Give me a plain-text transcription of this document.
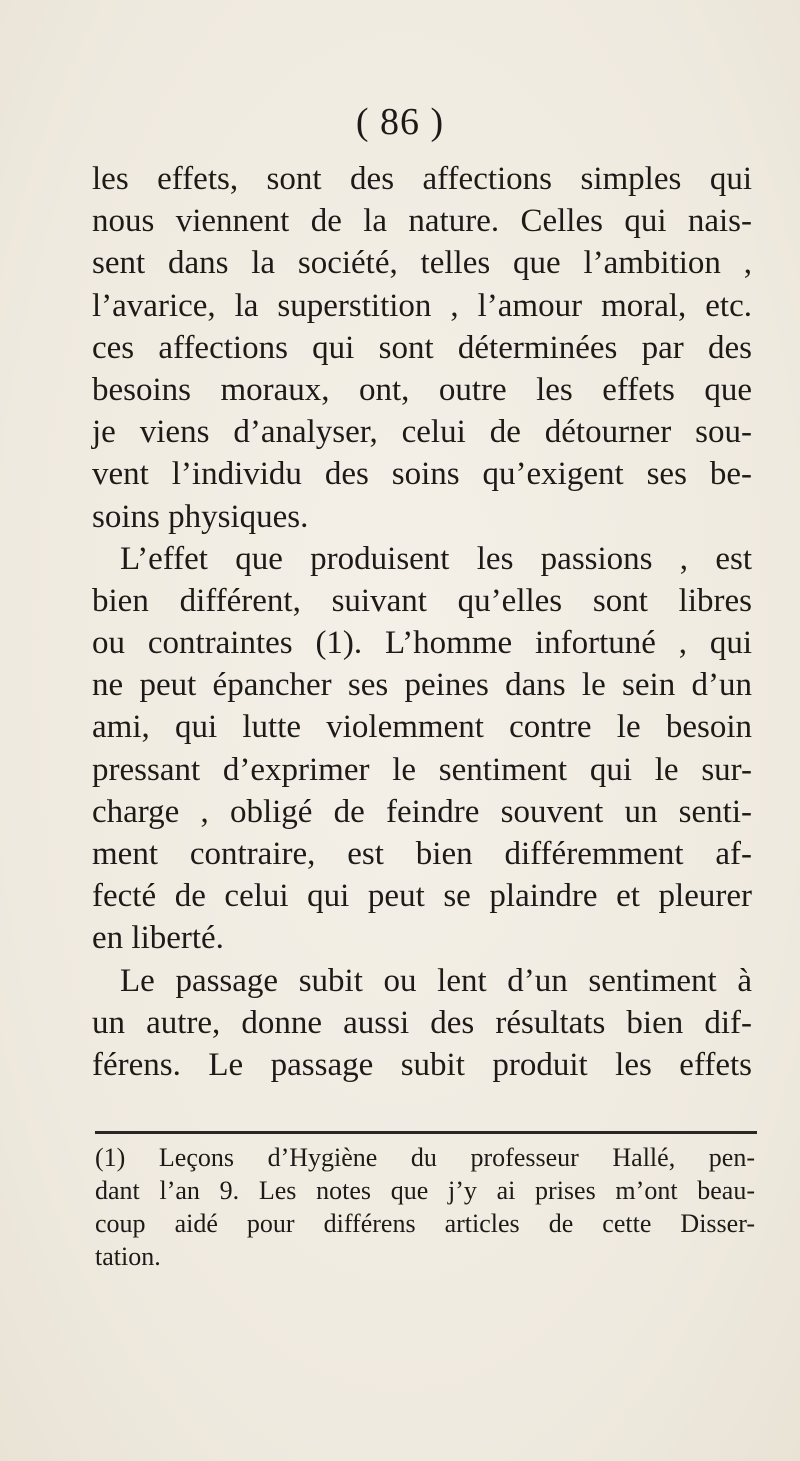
( 86 )
les effets, sont des affections simples qui
nous viennent de la nature. Celles qui nais-
sent dans la société, telles que l’ambition ,
l’avarice, la superstition , l’amour moral, etc.
ces affections qui sont déterminées par des
besoins moraux, ont, outre les effets que
je viens d’analyser, celui de détourner sou-
vent l’individu des soins qu’exigent ses be-
soins physiques.
L’effet que produisent les passions , est
bien différent, suivant qu’elles sont libres
ou contraintes (1). L’homme infortuné , qui
ne peut épancher ses peines dans le sein d’un
ami, qui lutte violemment contre le besoin
pressant d’exprimer le sentiment qui le sur-
charge , obligé de feindre souvent un senti-
ment contraire, est bien différemment af-
fecté de celui qui peut se plaindre et pleurer
en liberté.
Le passage subit ou lent d’un sentiment à
un autre, donne aussi des résultats bien dif-
férens. Le passage subit produit les effets
(1) Leçons d’Hygiène du professeur Hallé, pen-
dant l’an 9. Les notes que j’y ai prises m’ont beau-
coup aidé pour différens articles de cette Disser-
tation.
